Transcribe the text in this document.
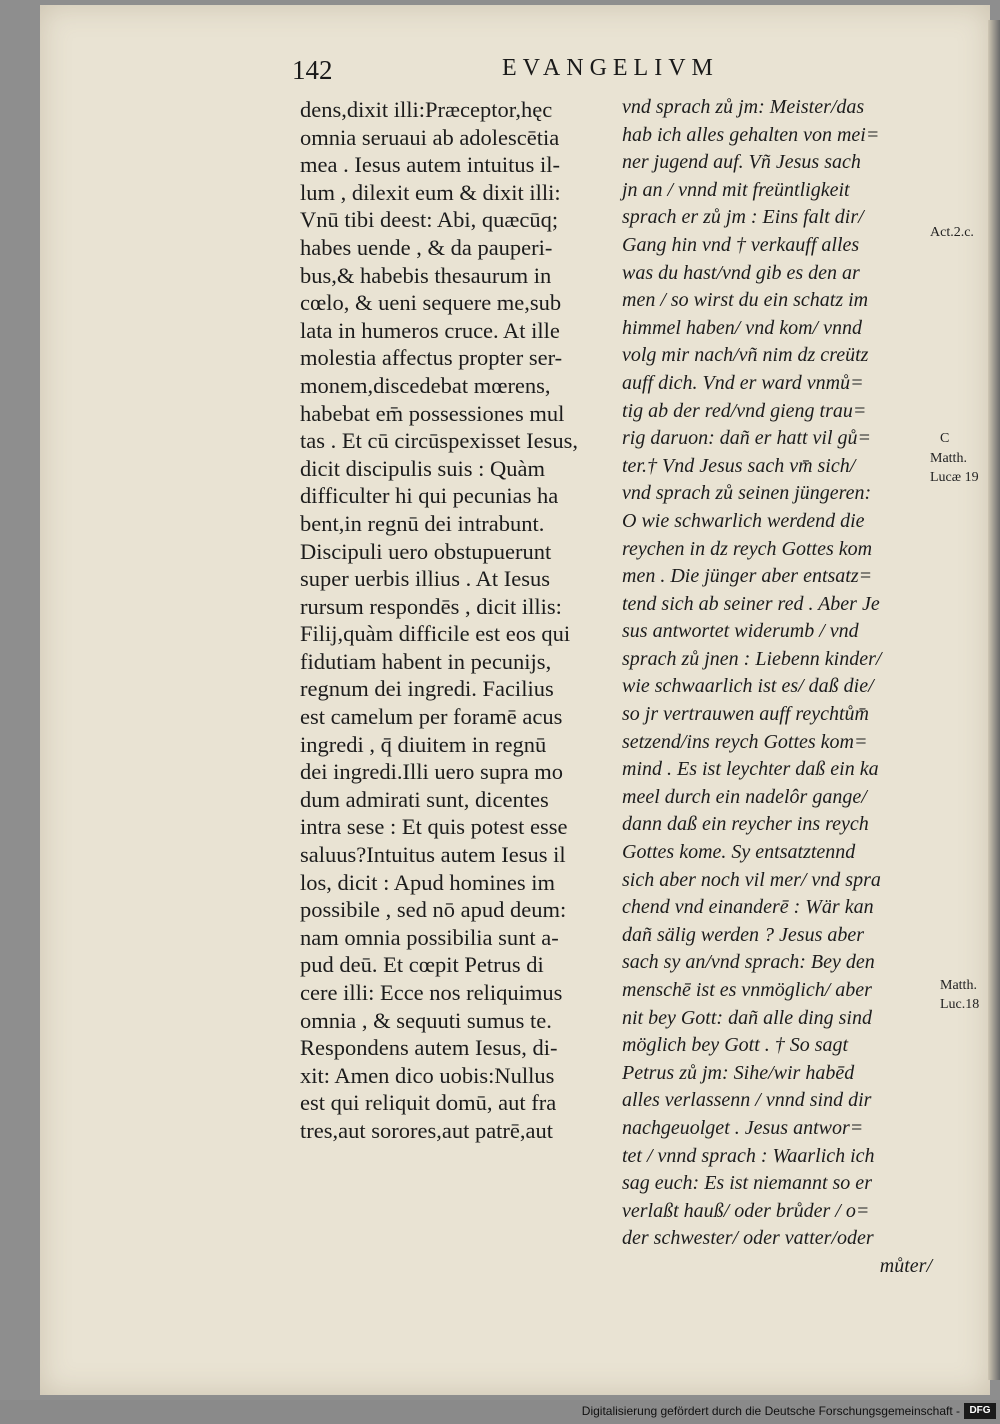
142	EVANGELIVM
dens,dixit illi:Præceptor,hęc
omnia seruaui ab adolescētia
mea . Iesus autem intuitus il-
lum , dilexit eum & dixit illi:
Vnū tibi deest: Abi, quæcūq;
habes uende , & da pauperi-
bus,& habebis thesaurum in
cœlo, & ueni sequere me,sub
lata in humeros cruce. At ille
molestia affectus propter ser-
monem,discedebat mœrens,
habebat em̄ possessiones mul
tas . Et cū circūspexisset Iesus,
dicit discipulis suis : Quàm
difficulter hi qui pecunias ha
bent,in regnū dei intrabunt.
Discipuli uero obstupuerunt
super uerbis illius . At Iesus
rursum respondēs , dicit illis:
Filij,quàm difficile est eos qui
fidutiam habent in pecunijs,
regnum dei ingredi. Facilius
est camelum per foramē acus
ingredi , q̄ diuitem in regnū
dei ingredi.Illi uero supra mo
dum admirati sunt, dicentes
intra sese : Et quis potest esse
saluus?Intuitus autem Iesus il
los, dicit : Apud homines im
possibile , sed nō apud deum:
nam omnia possibilia sunt a-
pud deū. Et cœpit Petrus di
cere illi: Ecce nos reliquimus
omnia , & sequuti sumus te.
Respondens autem Iesus, di-
xit: Amen dico uobis:Nullus
est qui reliquit domū, aut fra
tres,aut sorores,aut patrē,aut
vnd sprach zů jm: Meister/das
hab ich alles gehalten von mei=
ner jugend auf. Vñ Jesus sach
jn an / vnnd mit freüntligkeit
sprach er zů jm : Eins falt dir/
Gang hin vnd † verkauff alles
was du hast/vnd gib es den ar
men / so wirst du ein schatz im
himmel haben/ vnd kom/ vnnd
volg mir nach/vñ nim dz creütz
auff dich. Vnd er ward vnmů=
tig ab der red/vnd gieng trau=
rig daruon: dañ er hatt vil gů=
ter.† Vnd Jesus sach vm̄ sich/
vnd sprach zů seinen jüngeren:
O wie schwarlich werdend die
reychen in dz reych Gottes kom
men . Die jünger aber entsatz=
tend sich ab seiner red . Aber Je
sus antwortet widerumb / vnd
sprach zů jnen : Liebenn kinder/
wie schwaarlich ist es/ daß die/
so jr vertrauwen auff reychtům̄
setzend/ins reych Gottes kom=
mind . Es ist leychter daß ein ka
meel durch ein nadelôr gange/
dann daß ein reycher ins reych
Gottes kome. Sy entsatztennd
sich aber noch vil mer/ vnd spra
chend vnd einanderē : Wär kan
dañ sälig werden ? Jesus aber
sach sy an/vnd sprach: Bey den
menschē ist es vnmöglich/ aber
nit bey Gott: dañ alle ding sind
möglich bey Gott . † So sagt
Petrus zů jm: Sihe/wir habēd
alles verlassenn / vnnd sind dir
nachgeuolget . Jesus antwor=
tet / vnnd sprach : Waarlich ich
sag euch: Es ist niemannt so er
verlaßt hauß/ oder brůder / o=
der schwester/ oder vatter/oder
můter/
Act.2.c.
C
Matth.
Lucæ 19
Matth.
Luc.18
Digitalisierung gefördert durch die Deutsche Forschungsgemeinschaft - DFG
